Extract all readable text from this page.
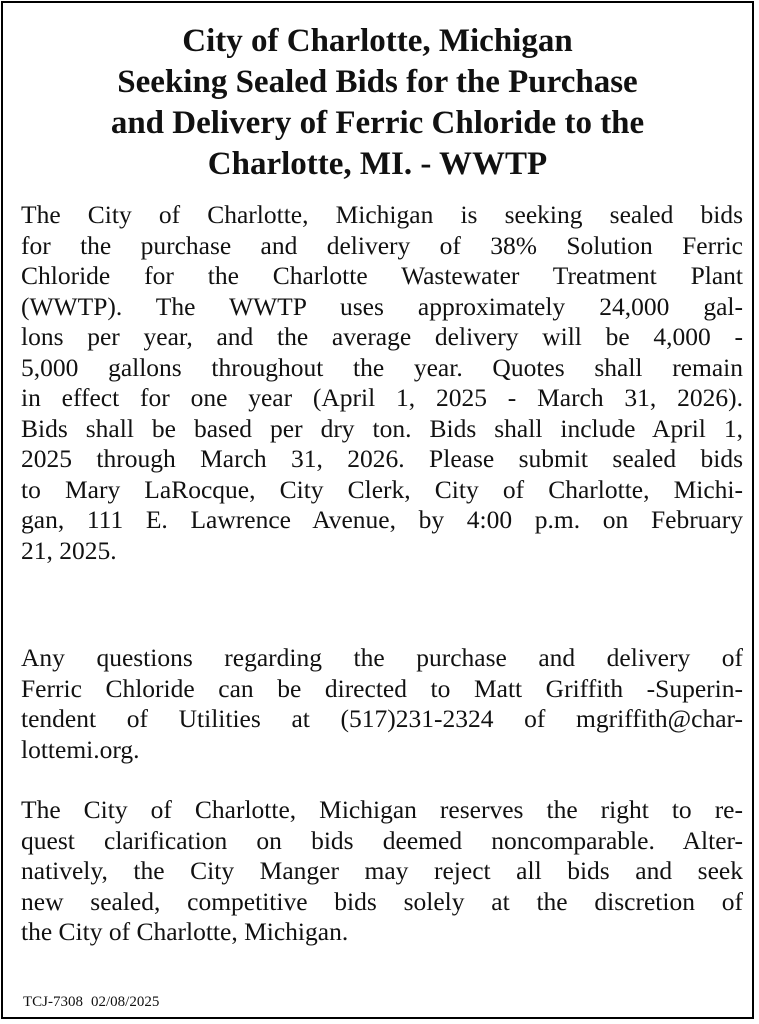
City of Charlotte, Michigan
Seeking Sealed Bids for the Purchase
and Delivery of Ferric Chloride to the
Charlotte, MI. - WWTP

The City of Charlotte, Michigan is seeking sealed bids
for the purchase and delivery of 38% Solution Ferric
Chloride for the Charlotte Wastewater Treatment Plant
(WWTP). The WWTP uses approximately 24,000 gal-
lons per year, and the average delivery will be 4,000 -
5,000 gallons throughout the year. Quotes shall remain
in effect for one year (April 1, 2025 - March 31, 2026).
Bids shall be based per dry ton. Bids shall include April 1,
2025 through March 31, 2026. Please submit sealed bids
to Mary LaRocque, City Clerk, City of Charlotte, Michi-
gan, 111 E. Lawrence Avenue, by 4:00 p.m. on February
21, 2025.

Any questions regarding the purchase and delivery of
Ferric Chloride can be directed to Matt Griffith -Superin-
tendent of Utilities at (517)231-2324 of mgriffith@char-
lottemi.org.

The City of Charlotte, Michigan reserves the right to re-
quest clarification on bids deemed noncomparable. Alter-
natively, the City Manger may reject all bids and seek
new sealed, competitive bids solely at the discretion of
the City of Charlotte, Michigan.

TCJ-7308 02/08/2025
